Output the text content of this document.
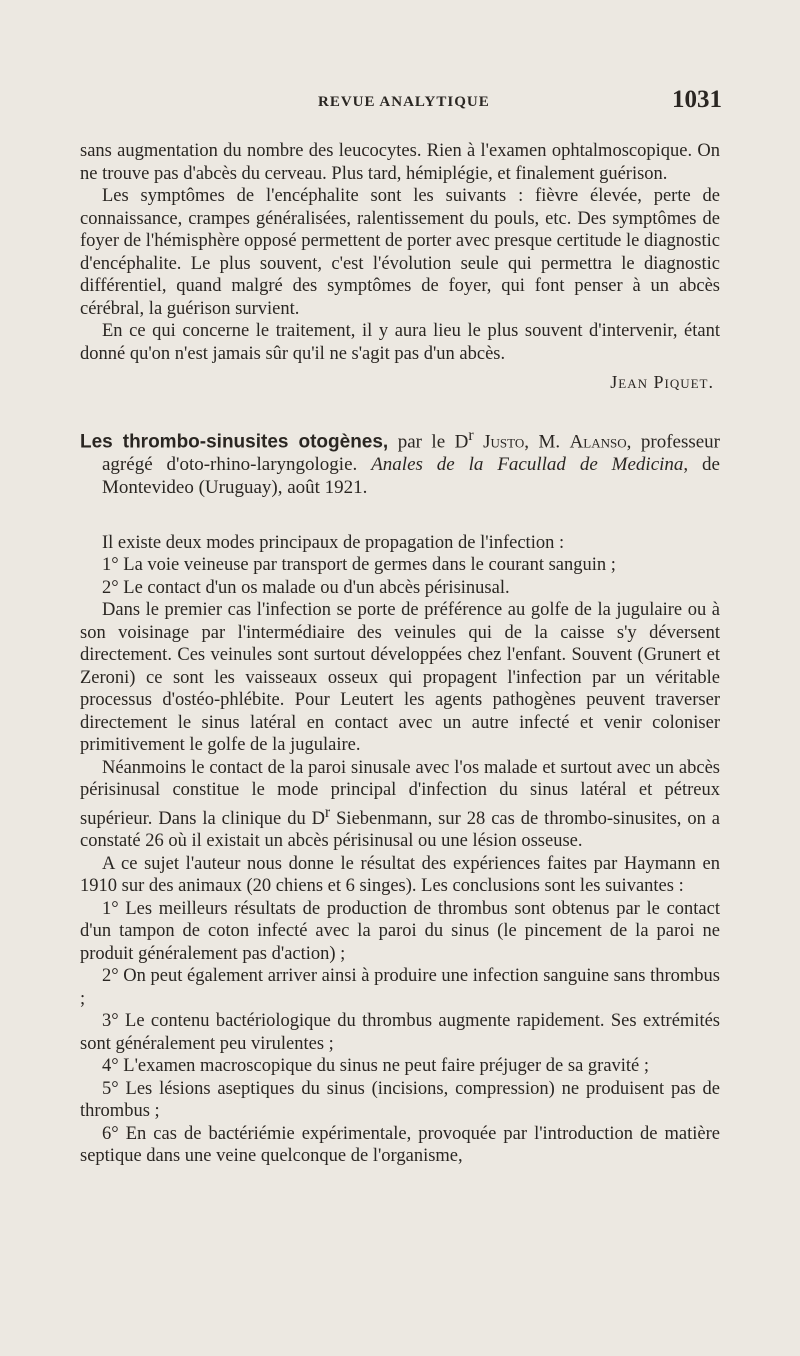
REVUE ANALYTIQUE	1031

sans augmentation du nombre des leucocytes. Rien à l'examen ophtalmoscopique. On ne trouve pas d'abcès du cerveau. Plus tard, hémiplégie, et finalement guérison.

Les symptômes de l'encéphalite sont les suivants : fièvre élevée, perte de connaissance, crampes généralisées, ralentissement du pouls, etc. Des symptômes de foyer de l'hémisphère opposé permettent de porter avec presque certitude le diagnostic d'encéphalite. Le plus souvent, c'est l'évolution seule qui permettra le diagnostic différentiel, quand malgré des symptômes de foyer, qui font penser à un abcès cérébral, la guérison survient.

En ce qui concerne le traitement, il y aura lieu le plus souvent d'intervenir, étant donné qu'on n'est jamais sûr qu'il ne s'agit pas d'un abcès.

Jean Piquet.

Les thrombo-sinusites otogènes, par le $D^r$ Justo, M. Alanso, professeur agrégé d'oto-rhino-laryngologie. Anales de la Facullad de Medicina, de Montevideo (Uruguay), août 1921.

Il existe deux modes principaux de propagation de l'infection :

1° La voie veineuse par transport de germes dans le courant sanguin ;

2° Le contact d'un os malade ou d'un abcès périsinusal.

Dans le premier cas l'infection se porte de préférence au golfe de la jugulaire ou à son voisinage par l'intermédiaire des veinules qui de la caisse s'y déversent directement. Ces veinules sont surtout développées chez l'enfant. Souvent (Grunert et Zeroni) ce sont les vaisseaux osseux qui propagent l'infection par un véritable processus d'ostéo-phlébite. Pour Leutert les agents pathogènes peuvent traverser directement le sinus latéral en contact avec un autre infecté et venir coloniser primitivement le golfe de la jugulaire.

Néanmoins le contact de la paroi sinusale avec l'os malade et surtout avec un abcès périsinusal constitue le mode principal d'infection du sinus latéral et pétreux supérieur. Dans la clinique du $D^r$ Siebenmann, sur 28 cas de thrombo-sinusites, on a constaté 26 où il existait un abcès périsinusal ou une lésion osseuse.

A ce sujet l'auteur nous donne le résultat des expériences faites par Haymann en 1910 sur des animaux (20 chiens et 6 singes). Les conclusions sont les suivantes :

1° Les meilleurs résultats de production de thrombus sont obtenus par le contact d'un tampon de coton infecté avec la paroi du sinus (le pincement de la paroi ne produit généralement pas d'action) ;

2° On peut également arriver ainsi à produire une infection sanguine sans thrombus ;

3° Le contenu bactériologique du thrombus augmente rapidement. Ses extrémités sont généralement peu virulentes ;

4° L'examen macroscopique du sinus ne peut faire préjuger de sa gravité ;

5° Les lésions aseptiques du sinus (incisions, compression) ne produisent pas de thrombus ;

6° En cas de bactériémie expérimentale, provoquée par l'introduction de matière septique dans une veine quelconque de l'organisme,
